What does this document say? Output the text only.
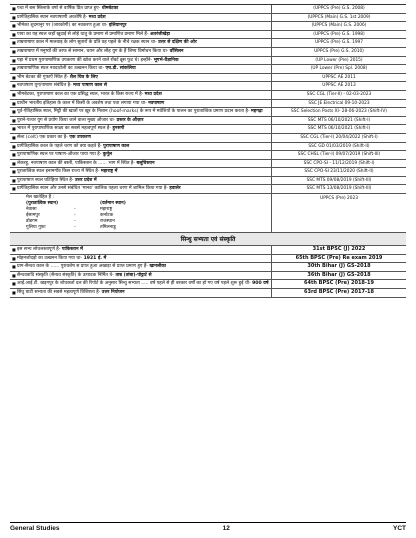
■ पचा में बस स्तिलाके वर्षा से वार्षिक प्रित प्राप्त हुए- धीमबेटका	(UPPCS (Pre) G.S. 2008)
■ प्रागेतिहासिक स्थान नवपाषाणी अवशेषि है- मध्य प्रदेश	(UPPCS (Main) G.S. 1st 2009)
■ भीमेका शुदमानुर पर (जारकोगी) का नवकरण हुआ था- इलियानपुर	(UPPCS (Main) G.S. 2006)
■ पाया का यह स्थल जहाँ खुदाई से लोहे धातु के प्रमाण से प्रमाणित प्रमाण मिले हैं- अतरंजीखेड़ा	(UPPCS (Pre) G.S. 1998)
■ ताम्रपाषाण काल में मालवाइ के लोग सुतारों के प्रति वह पहले के नीचे रक्षक स्थान था- उत्तर से दक्षिण की ओर	UPPCS (Pre) G.S. 1997
■ ताम्रपाषाण में मनुष्यों की तरफ से सामान, चयन और लौह युग के हैं शिष्य विमोचन किया था- वाँसिलन	UPPCS (Pre) G.S. 2010)
■ पहा में प्रथम पुरापाषाणिक उपकरण की खोज करने वाले रॉबर्ट ब्रूस फुट थे। इन्होंने- भूगर्भ-वैज्ञानिक	(UP Lower (Pre) 2015)
■ ताम्रपाषाणिक स्थल नवदाटोली का उत्खनन किया था- एच.डी. सांकलिया	(UP Lower (Pre) Spl. 2008)
■ भीम बेटका की गुफाएँ स्थित हैं- शैल चित्र के लिए	UPPSC AE 2011
■ नवपाषाण युग/पाषाण संबंधित है- मध्य पाषाण काल से	UPPSC AE 2013
■ भीमबेटका, पुरापाषाण काल का एक प्रसिद्ध स्थल, भारत के किस राज्य में है- मध्य प्रदेश	SSC CGL (Tier-II) - 02-03-2023
■ प्राचीन भारतीय इतिहास के काल में किसी के अवशेष तथा पता लगाया गया था- नवपाषाण	SSC JE Electrical 09-10-2023
■ पूर्व-ऐतिहासिक स्थल, मिट्टी की खातों पर खुर के निशान (hoof-marks) के रूप में मवेशियों के पालन का पुरातात्विक प्रमाण प्रदान करता है- महगढ़ा	SSC Selection Posts XI- 28-06-2023 (Shift-IV)
■ पुराने-पत्थर युग से प्रयोग किया जाने वाला मुख्य औजार था- प्रस्तर के औज़ार	SSC MTS 06/10/2021 (Shift-I)
■ भारत में पुरापाषाणिक साक्ष्य का सबसे महत्वपूर्ण स्थल है- हुनसगी	SSC MTS 06/10/2021 (Shift-I)
■ सेल्ट (celt) एक प्रकार का है- एक उपकरण	SSC CGL (Tier-I) 20/04/2022 (Shift-I)
■ प्रागैतिहासिक काल के पहले चरण को क्या कहते हैं- पुरापाषाण काल	SSC GD 01/03/2019 (Shift-II)
■ पुरापाषाणिक स्थल पर पाषाण-औजार पाया गया है- कुर्नूल	SSC CHSL (Tier-I) 09/07/2019 (Shift-III)
■ लेकरहू, नवपाषाण काल की बस्ती, पाकिस्तान के ...... भाग में स्थित है- बलूचिस्तान	SSC CPO-SI - 11/12/2019 (Shift-I)
■ पुरातात्विक स्थल इनामगाँव किस राज्य में स्थित है- महाराष्ट्र में	SSC CPO-SI 23/11/2020 (Shift-II)
■ पुरापाषाण स्थल घटिहिया स्थित है- उत्तर प्रदेश में	SSC MTS 09/08/2019 (Shift-III)
■ प्रागैतिहासिक स्थान और उनसे संबंधित 'मानव' कालिक पहला चरण में शामिल किया गया है- हवालेर	SSC MTS 13/08/2019 (Shift-III)
मेल खातेहित हैं :
(पुरातात्विक स्थान)	(वर्तमान स्थान)
नेवासा	-	महाराष्ट्र
ईसामपुर	-	कर्नाटक
डोडगम	-	राजस्थान
गुलिया गुफ़ा	-	तमिलनाडु
UPPCS (Pre) 2023
सिन्धु सभ्यता एवं संस्कृति
■ इस सभ्य लोथलस्तापूर्ण है- पाकिस्तान में	31st BPSC (J) 2022
■ मोहनजोदड़ो का उत्खनन किया गया था- 1921 ई. में	65th BPSC (Pre) Re exam 2019
■ प्राग-सैन्धव काल के ...... पुरावशेष स प्राप्त हुआ अखाड़ा से प्राप्त प्रमाण हुए हैं- खानलीका	30th Bihar (J) GS-2018
■ सैन्धववादि संस्कृति (सैन्धव संस्कृति) के उत्पादक निर्मित थे- ताम्र (तांबा)-पोट्टार्ट से	36th Bihar (J) GS-2018
■ आई.आई.टी. खड़गपुर के शोधकर्ता दल की रिपोर्ट के अनुसार सिन्धु सभ्यता ..... वर्ष पहले से ही बरकार वर्षों का हो गए वर्ष पहले शुरू हुई थी- 900 वर्ष	64th BPSC (Pre) 2018-19
■ सिंधु घाटी सभ्यता की सबसे महत्वपूर्ण विशिष्टता है- उत्तर नियोजन	63rd BPSC (Pre) 2017-18
General Studies	12	YCT
